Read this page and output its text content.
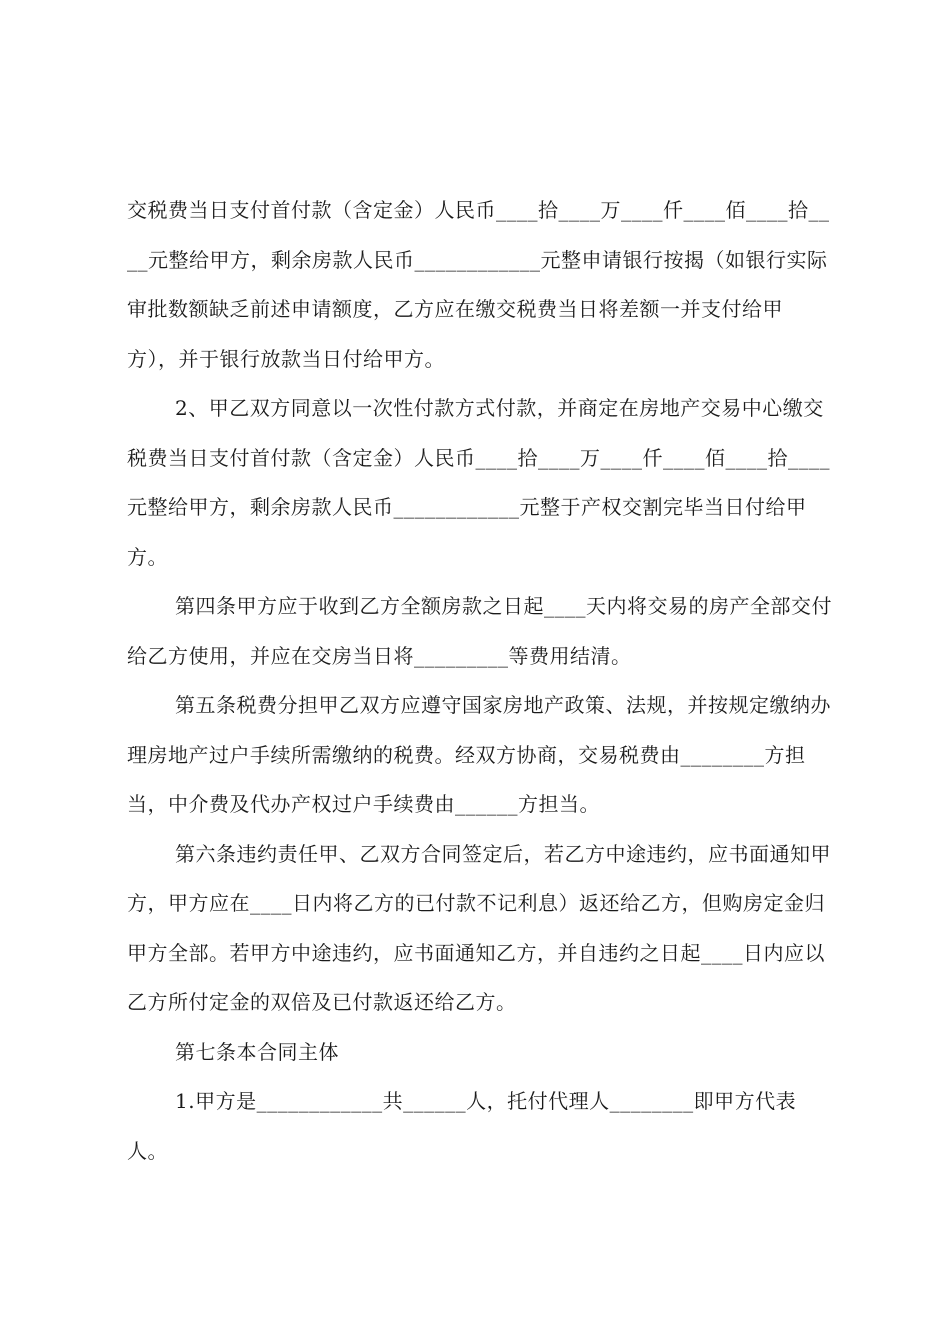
交税费当日支付首付款（含定金）人民币____拾____万____仟____佰____拾____元整给甲方，剩余房款人民币____________元整申请银行按揭（如银行实际审批数额缺乏前述申请额度，乙方应在缴交税费当日将差额一并支付给甲方），并于银行放款当日付给甲方。

2、甲乙双方同意以一次性付款方式付款，并商定在房地产交易中心缴交税费当日支付首付款（含定金）人民币____拾____万____仟____佰____拾____元整给甲方，剩余房款人民币____________元整于产权交割完毕当日付给甲方。

第四条甲方应于收到乙方全额房款之日起____天内将交易的房产全部交付给乙方使用，并应在交房当日将_________等费用结清。

第五条税费分担甲乙双方应遵守国家房地产政策、法规，并按规定缴纳办理房地产过户手续所需缴纳的税费。经双方协商，交易税费由________方担当，中介费及代办产权过户手续费由______方担当。

第六条违约责任甲、乙双方合同签定后，若乙方中途违约，应书面通知甲方，甲方应在____日内将乙方的已付款不记利息）返还给乙方，但购房定金归甲方全部。若甲方中途违约，应书面通知乙方，并自违约之日起____日内应以乙方所付定金的双倍及已付款返还给乙方。

第七条本合同主体

1.甲方是____________共______人，托付代理人________即甲方代表人。
